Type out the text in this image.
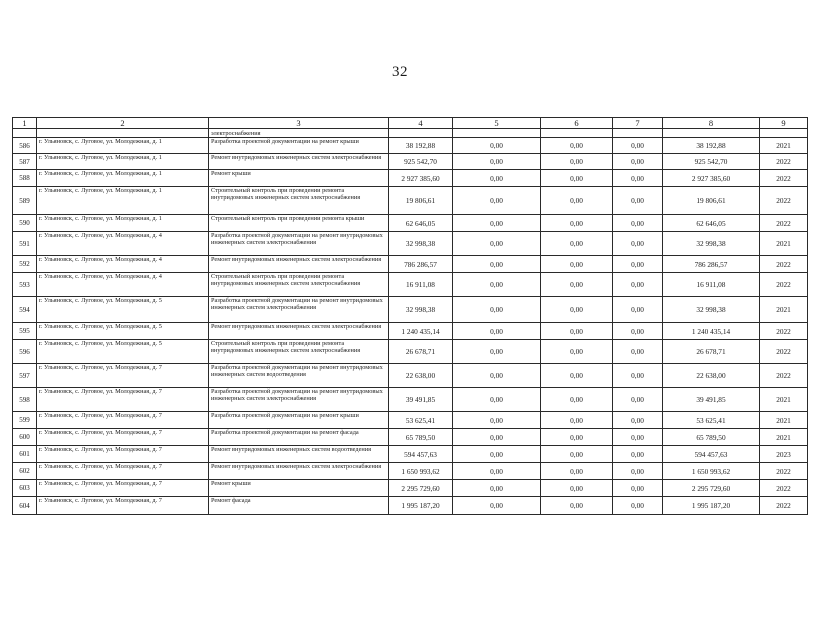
32
1	2	3	4	5	6	7	8	9
		электроснабжения						
586	г. Ульяновск, с. Луговое, ул. Молодежная, д. 1	Разработка проектной документации на ремонт крыши	38 192,88	0,00	0,00	0,00	38 192,88	2021
587	г. Ульяновск, с. Луговое, ул. Молодежная, д. 1	Ремонт внутридомовых инженерных систем электроснабжения	925 542,70	0,00	0,00	0,00	925 542,70	2022
588	г. Ульяновск, с. Луговое, ул. Молодежная, д. 1	Ремонт крыши	2 927 385,60	0,00	0,00	0,00	2 927 385,60	2022
589	г. Ульяновск, с. Луговое, ул. Молодежная, д. 1	Строительный контроль при проведении ремонта внутридомовых инженерных систем электроснабжения	19 806,61	0,00	0,00	0,00	19 806,61	2022
590	г. Ульяновск, с. Луговое, ул. Молодежная, д. 1	Строительный контроль при проведении ремонта крыши	62 646,05	0,00	0,00	0,00	62 646,05	2022
591	г. Ульяновск, с. Луговое, ул. Молодежная, д. 4	Разработка проектной документации на ремонт внутридомовых инженерных систем электроснабжения	32 998,38	0,00	0,00	0,00	32 998,38	2021
592	г. Ульяновск, с. Луговое, ул. Молодежная, д. 4	Ремонт внутридомовых инженерных систем электроснабжения	786 286,57	0,00	0,00	0,00	786 286,57	2022
593	г. Ульяновск, с. Луговое, ул. Молодежная, д. 4	Строительный контроль при проведении ремонта внутридомовых инженерных систем электроснабжения	16 911,08	0,00	0,00	0,00	16 911,08	2022
594	г. Ульяновск, с. Луговое, ул. Молодежная, д. 5	Разработка проектной документации на ремонт внутридомовых инженерных систем электроснабжения	32 998,38	0,00	0,00	0,00	32 998,38	2021
595	г. Ульяновск, с. Луговое, ул. Молодежная, д. 5	Ремонт внутридомовых инженерных систем электроснабжения	1 240 435,14	0,00	0,00	0,00	1 240 435,14	2022
596	г. Ульяновск, с. Луговое, ул. Молодежная, д. 5	Строительный контроль при проведении ремонта внутридомовых инженерных систем электроснабжения	26 678,71	0,00	0,00	0,00	26 678,71	2022
597	г. Ульяновск, с. Луговое, ул. Молодежная, д. 7	Разработка проектной документации на ремонт внутридомовых инженерных систем водоотведения	22 638,00	0,00	0,00	0,00	22 638,00	2022
598	г. Ульяновск, с. Луговое, ул. Молодежная, д. 7	Разработка проектной документации на ремонт внутридомовых инженерных систем электроснабжения	39 491,85	0,00	0,00	0,00	39 491,85	2021
599	г. Ульяновск, с. Луговое, ул. Молодежная, д. 7	Разработка проектной документации на ремонт крыши	53 625,41	0,00	0,00	0,00	53 625,41	2021
600	г. Ульяновск, с. Луговое, ул. Молодежная, д. 7	Разработка проектной документации на ремонт фасада	65 789,50	0,00	0,00	0,00	65 789,50	2021
601	г. Ульяновск, с. Луговое, ул. Молодежная, д. 7	Ремонт внутридомовых инженерных систем водоотведения	594 457,63	0,00	0,00	0,00	594 457,63	2023
602	г. Ульяновск, с. Луговое, ул. Молодежная, д. 7	Ремонт внутридомовых инженерных систем электроснабжения	1 650 993,62	0,00	0,00	0,00	1 650 993,62	2022
603	г. Ульяновск, с. Луговое, ул. Молодежная, д. 7	Ремонт крыши	2 295 729,60	0,00	0,00	0,00	2 295 729,60	2022
604	г. Ульяновск, с. Луговое, ул. Молодежная, д. 7	Ремонт фасада	1 995 187,20	0,00	0,00	0,00	1 995 187,20	2022
